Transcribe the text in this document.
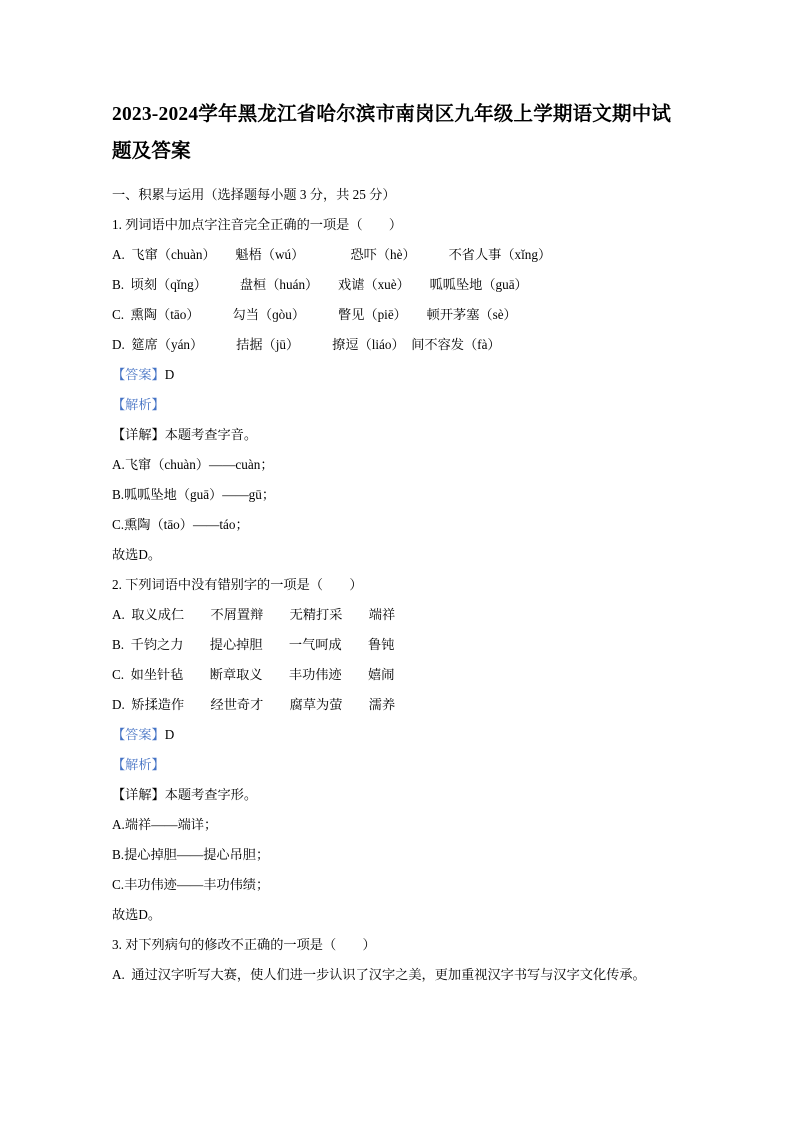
2023-2024学年黑龙江省哈尔滨市南岗区九年级上学期语文期中试题及答案
一、积累与运用（选择题每小题 3 分，共 25 分）
1. 列词语中加点字注音完全正确的一项是（　　）
A.  飞窜（chuàn）　　魁梧（wú）　　　　恐吓（hè）　　　不省人事（xǐng）
B.  顷刻（qǐng）　　　盘桓（huán）　　戏谑（xuè）　　呱呱坠地（guā）
C.  熏陶（tāo）　　　勾当（ɡòu）　　　瞥见（piē）　　顿开茅塞（sè）
D.  筵席（yán）　　　拮据（jū）　　　撩逗（liáo）　间不容发（fà）
【答案】D
【解析】
【详解】本题考查字音。
A.飞窜（chuàn）——cuàn；
B.呱呱坠地（guā）——gū；
C.熏陶（tāo）——táo；
故选D。
2. 下列词语中没有错别字的一项是（　　）
A.  取义成仁　　不屑置辩　　无精打采　　端祥
B.  千钧之力　　提心掉胆　　一气呵成　　鲁钝
C.  如坐针毡　　断章取义　　丰功伟迹　　嬉闹
D.  矫揉造作　　经世奇才　　腐草为萤　　濡养
【答案】D
【解析】
【详解】本题考查字形。
A.端祥——端详；
B.提心掉胆——提心吊胆；
C.丰功伟迹——丰功伟绩；
故选D。
3. 对下列病句的修改不正确的一项是（　　）
A.  通过汉字听写大赛，使人们进一步认识了汉字之美，更加重视汉字书写与汉字文化传承。
